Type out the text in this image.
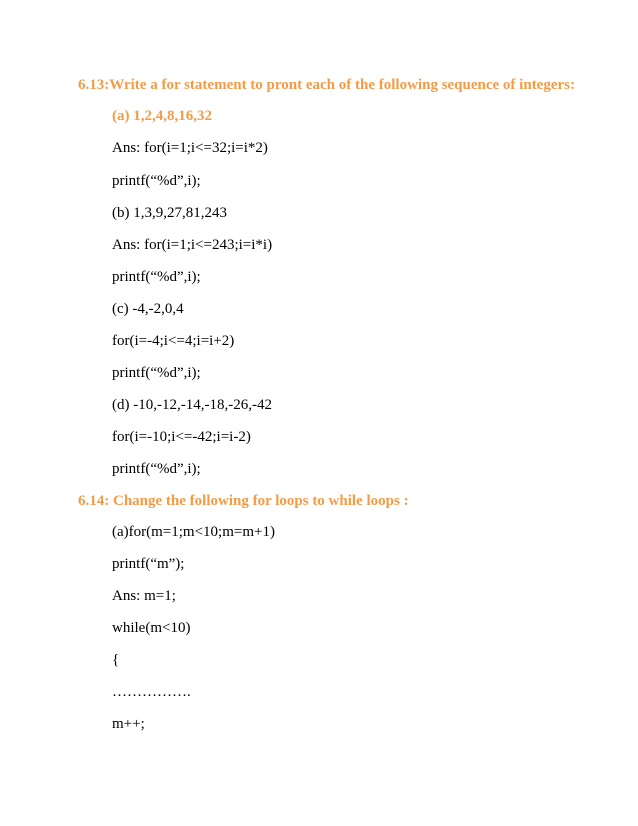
6.13:Write a for statement to pront each of the following sequence of integers:
(a) 1,2,4,8,16,32
Ans: for(i=1;i<=32;i=i*2)
printf(“%d”,i);
(b) 1,3,9,27,81,243
Ans: for(i=1;i<=243;i=i*i)
printf(“%d”,i);
(c) -4,-2,0,4
for(i=-4;i<=4;i=i+2)
printf(“%d”,i);
(d) -10,-12,-14,-18,-26,-42
for(i=-10;i<=-42;i=i-2)
printf(“%d”,i);
6.14: Change the following for loops to while loops :
(a)for(m=1;m<10;m=m+1)
printf(“m”);
Ans: m=1;
while(m<10)
{
…………….
m++;
